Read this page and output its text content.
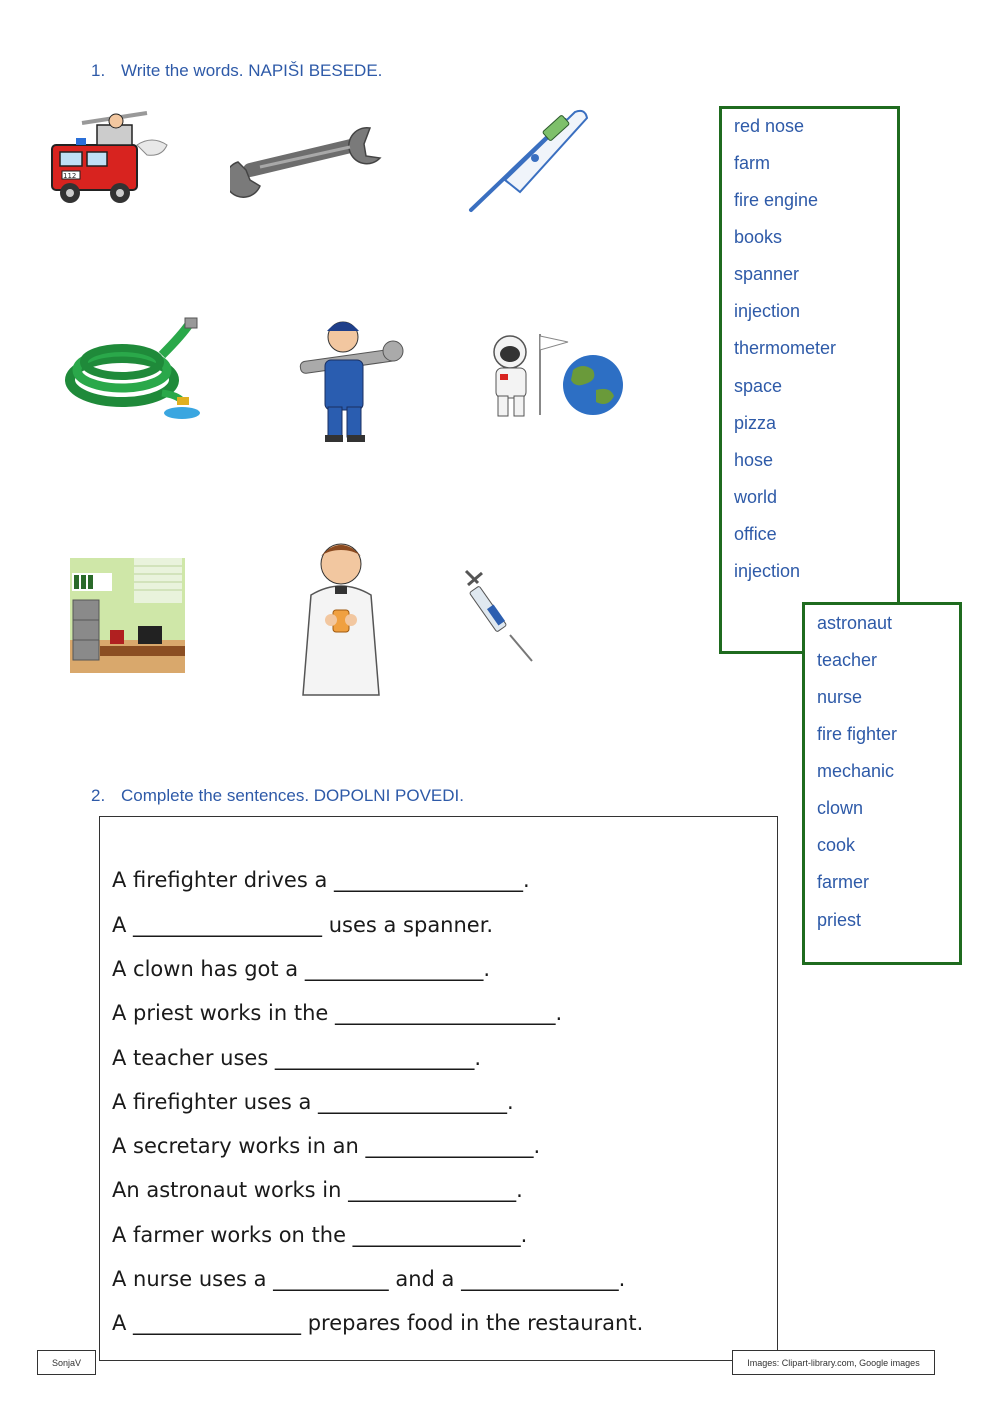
1. Write the words. NAPIŠI BESEDE.
112
red nose
farm
fire engine
books
spanner
injection
thermometer
space
pizza
hose
world
office
injection
astronaut
teacher
nurse
fire fighter
mechanic
clown
cook
farmer
priest
2. Complete the sentences. DOPOLNI POVEDI.
A firefighter drives a __________________.
A __________________ uses a spanner.
A clown has got a _________________.
A priest works in the _____________________.
A teacher uses ___________________.
A firefighter uses a __________________.
A secretary works in an ________________.
An astronaut works in ________________.
A farmer works on the ________________.
A nurse uses a ___________ and a _______________.
A ________________ prepares food in the restaurant.
SonjaV	Images: Clipart-library.com, Google images
